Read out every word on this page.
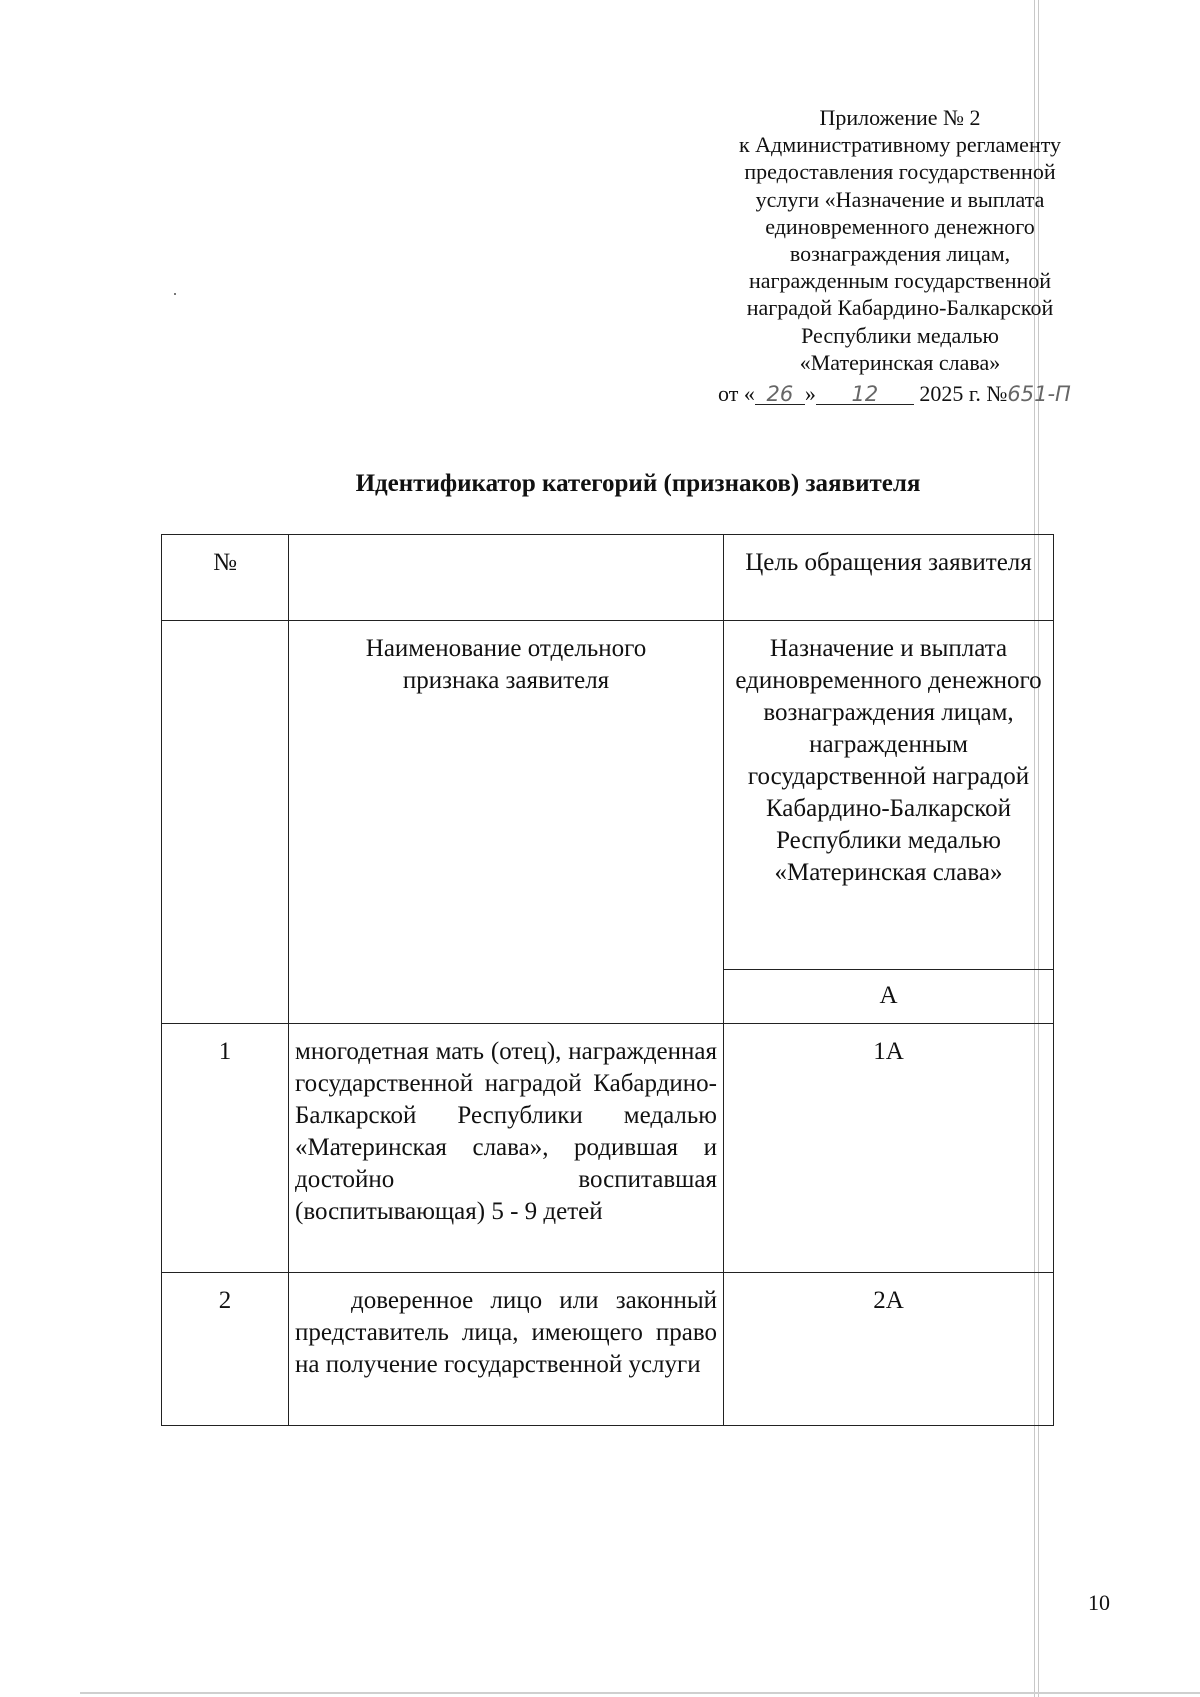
Приложение № 2
к Административному регламенту
предоставления государственной
услуги «Назначение и выплата
единовременного денежного
вознаграждения лицам,
награжденным государственной
наградой Кабардино-Балкарской
Республики медалью
«Материнская слава»
от « 26 » 12 2025 г. №651-П
Идентификатор категорий (признаков) заявителя
№		Цель обращения заявителя
	Наименование отдельного признака заявителя	Назначение и выплата единовременного денежного вознаграждения лицам, награжденным государственной наградой Кабардино-Балкарской Республики медалью «Материнская слава»
		А
1	многодетная мать (отец), награжденная государственной наградой Кабардино-Балкарской Республики медалью «Материнская слава», родившая и достойно воспитавшая (воспитывающая) 5 - 9 детей	1А
2	доверенное лицо или законный представитель лица, имеющего право на получение государственной услуги	2А
10
